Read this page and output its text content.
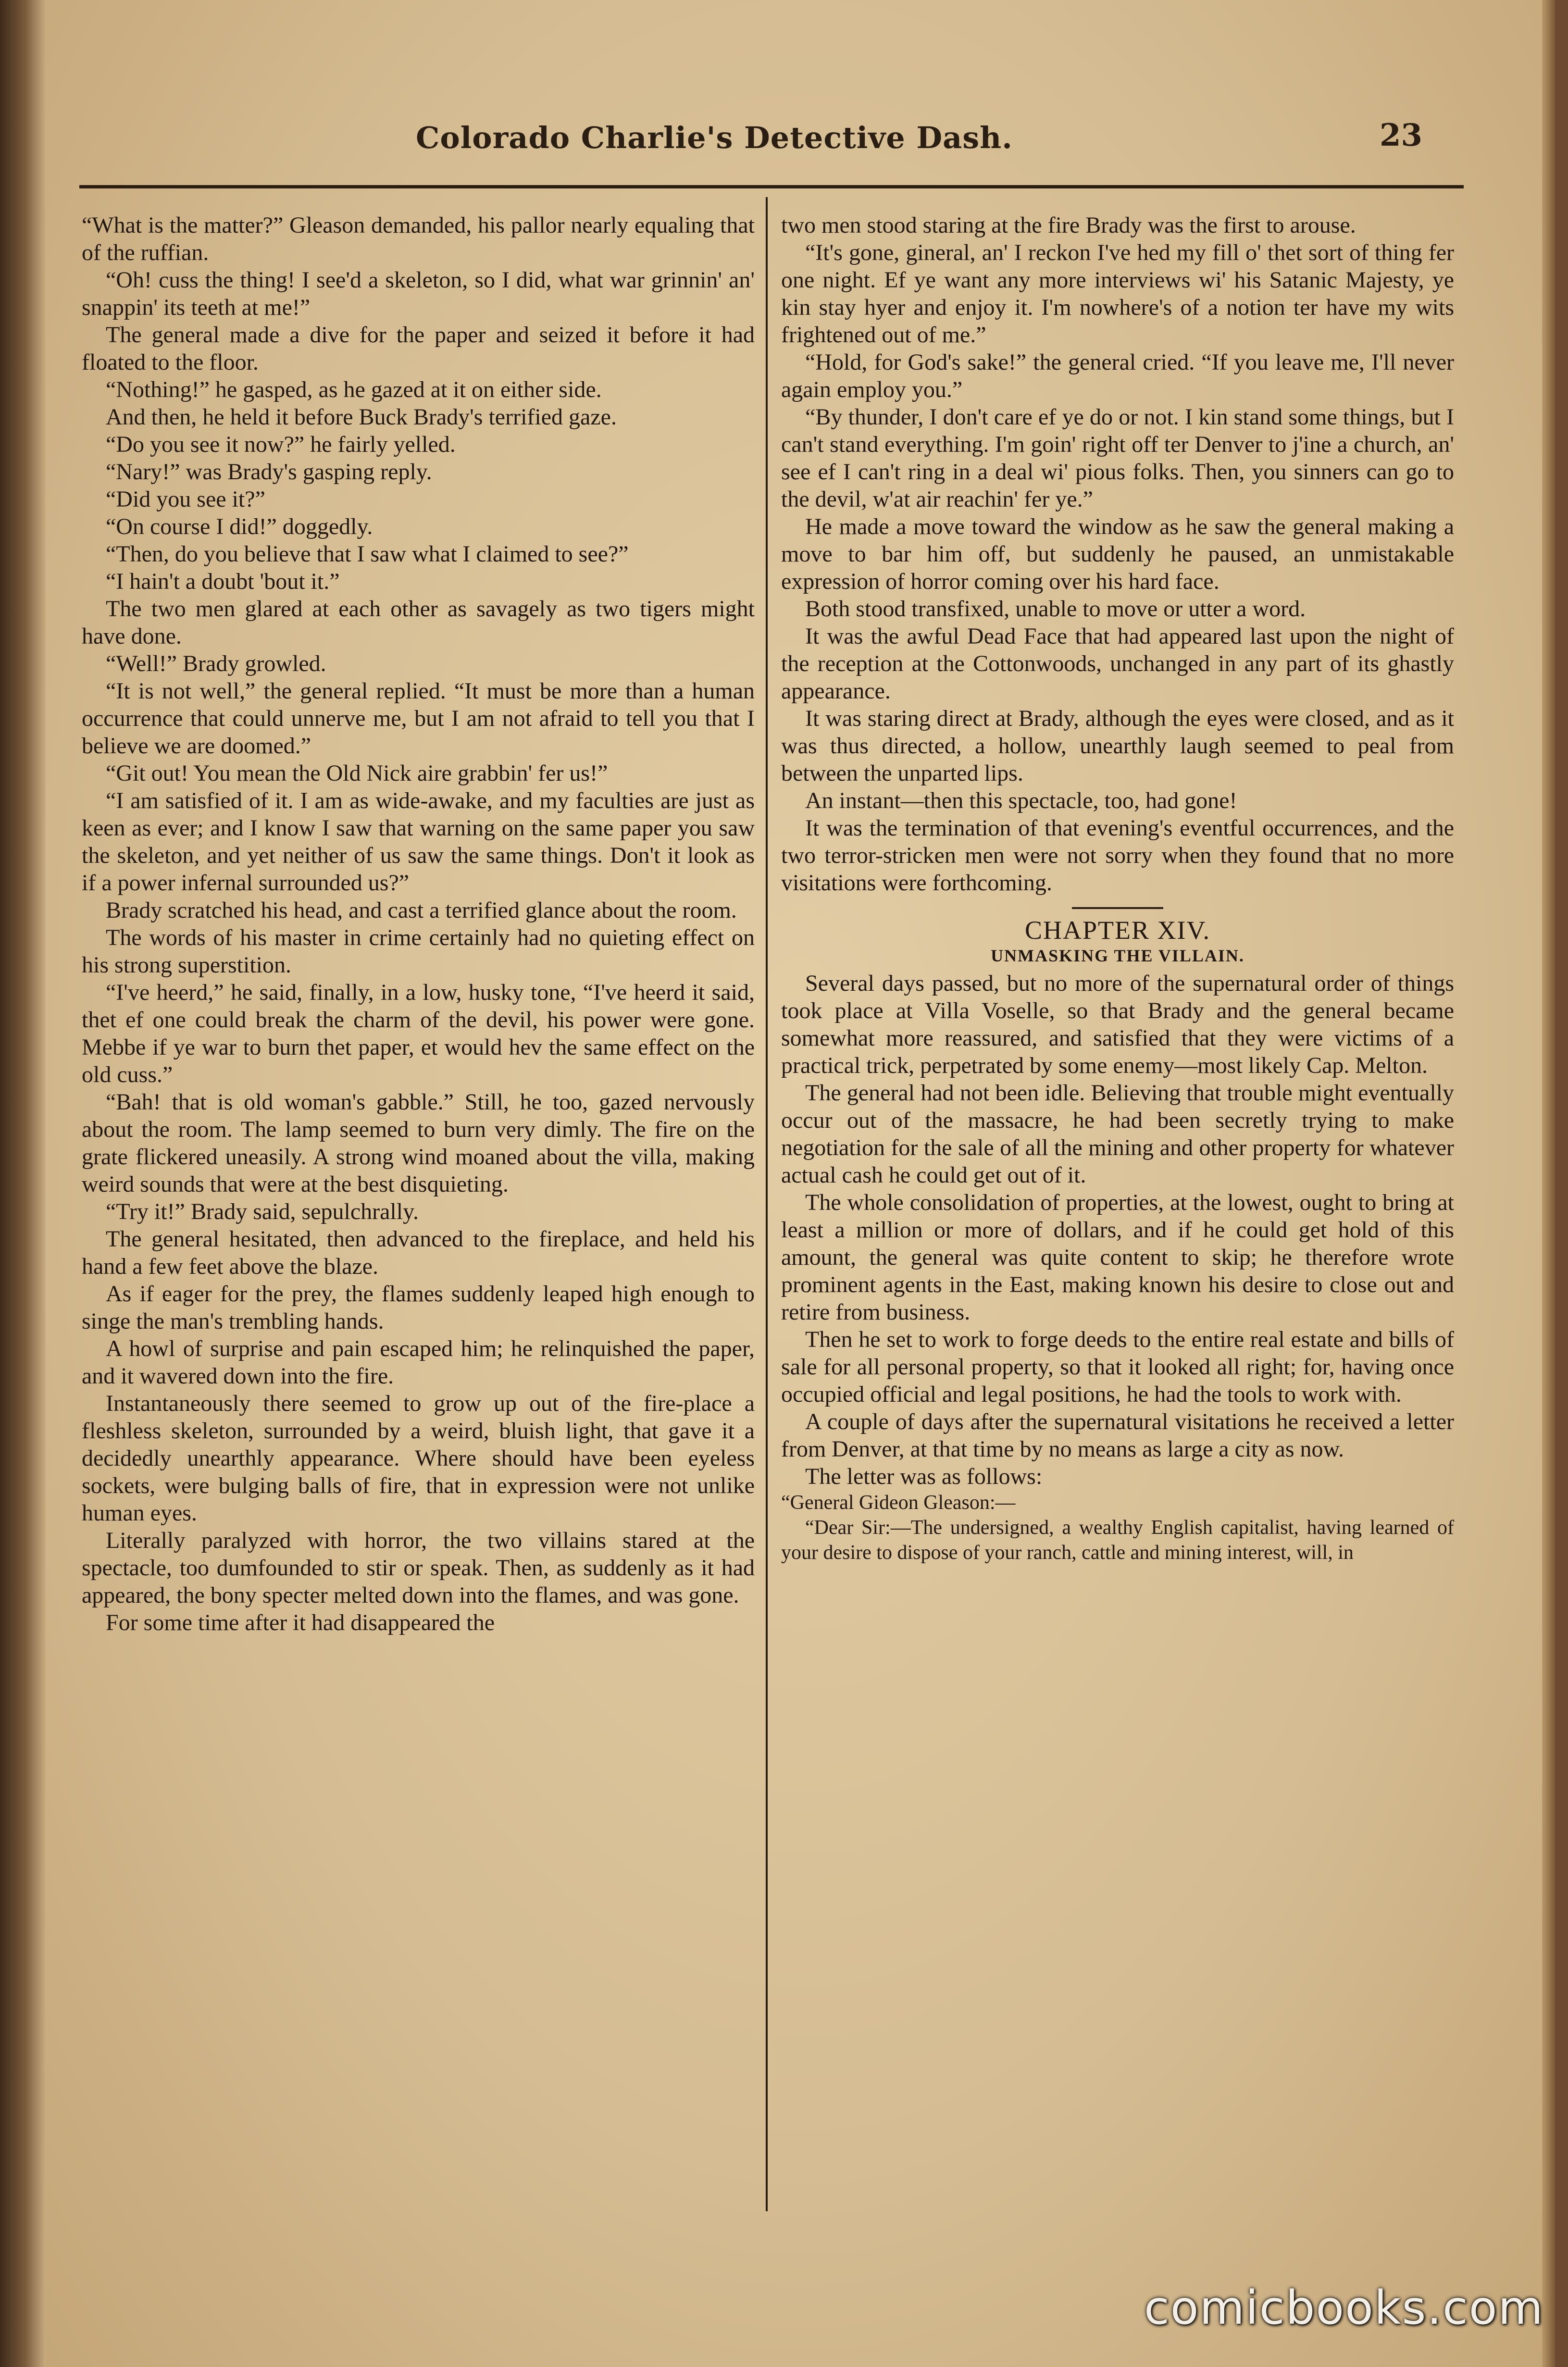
Colorado Charlie's Detective Dash.	23

“What is the matter?” Gleason demanded, his pallor nearly equaling that of the ruffian.

“Oh! cuss the thing! I see'd a skeleton, so I did, what war grinnin' an' snappin' its teeth at me!”

The general made a dive for the paper and seized it before it had floated to the floor.

“Nothing!” he gasped, as he gazed at it on either side.

And then, he held it before Buck Brady's terrified gaze.

“Do you see it now?” he fairly yelled.

“Nary!” was Brady's gasping reply.

“Did you see it?”

“On course I did!” doggedly.

“Then, do you believe that I saw what I claimed to see?”

“I hain't a doubt 'bout it.”

The two men glared at each other as savagely as two tigers might have done.

“Well!” Brady growled.

“It is not well,” the general replied. “It must be more than a human occurrence that could unnerve me, but I am not afraid to tell you that I believe we are doomed.”

“Git out! You mean the Old Nick aire grabbin' fer us!”

“I am satisfied of it. I am as wide-awake, and my faculties are just as keen as ever; and I know I saw that warning on the same paper you saw the skeleton, and yet neither of us saw the same things. Don't it look as if a power infernal surrounded us?”

Brady scratched his head, and cast a terrified glance about the room.

The words of his master in crime certainly had no quieting effect on his strong superstition.

“I've heerd,” he said, finally, in a low, husky tone, “I've heerd it said, thet ef one could break the charm of the devil, his power were gone. Mebbe if ye war to burn thet paper, et would hev the same effect on the old cuss.”

“Bah! that is old woman's gabble.” Still, he too, gazed nervously about the room. The lamp seemed to burn very dimly. The fire on the grate flickered uneasily. A strong wind moaned about the villa, making weird sounds that were at the best disquieting.

“Try it!” Brady said, sepulchrally.

The general hesitated, then advanced to the fireplace, and held his hand a few feet above the blaze.

As if eager for the prey, the flames suddenly leaped high enough to singe the man's trembling hands.

A howl of surprise and pain escaped him; he relinquished the paper, and it wavered down into the fire.

Instantaneously there seemed to grow up out of the fire-place a fleshless skeleton, surrounded by a weird, bluish light, that gave it a decidedly unearthly appearance. Where should have been eyeless sockets, were bulging balls of fire, that in expression were not unlike human eyes.

Literally paralyzed with horror, the two villains stared at the spectacle, too dumfounded to stir or speak. Then, as suddenly as it had appeared, the bony specter melted down into the flames, and was gone.

For some time after it had disappeared the

two men stood staring at the fire Brady was the first to arouse.

“It's gone, gineral, an' I reckon I've hed my fill o' thet sort of thing fer one night. Ef ye want any more interviews wi' his Satanic Majesty, ye kin stay hyer and enjoy it. I'm nowhere's of a notion ter have my wits frightened out of me.”

“Hold, for God's sake!” the general cried. “If you leave me, I'll never again employ you.”

“By thunder, I don't care ef ye do or not. I kin stand some things, but I can't stand everything. I'm goin' right off ter Denver to j'ine a church, an' see ef I can't ring in a deal wi' pious folks. Then, you sinners can go to the devil, w'at air reachin' fer ye.”

He made a move toward the window as he saw the general making a move to bar him off, but suddenly he paused, an unmistakable expression of horror coming over his hard face.

Both stood transfixed, unable to move or utter a word.

It was the awful Dead Face that had appeared last upon the night of the reception at the Cottonwoods, unchanged in any part of its ghastly appearance.

It was staring direct at Brady, although the eyes were closed, and as it was thus directed, a hollow, unearthly laugh seemed to peal from between the unparted lips.

An instant—then this spectacle, too, had gone!

It was the termination of that evening's eventful occurrences, and the two terror-stricken men were not sorry when they found that no more visitations were forthcoming.

CHAPTER XIV.

UNMASKING THE VILLAIN.

Several days passed, but no more of the supernatural order of things took place at Villa Voselle, so that Brady and the general became somewhat more reassured, and satisfied that they were victims of a practical trick, perpetrated by some enemy—most likely Cap. Melton.

The general had not been idle. Believing that trouble might eventually occur out of the massacre, he had been secretly trying to make negotiation for the sale of all the mining and other property for whatever actual cash he could get out of it.

The whole consolidation of properties, at the lowest, ought to bring at least a million or more of dollars, and if he could get hold of this amount, the general was quite content to skip; he therefore wrote prominent agents in the East, making known his desire to close out and retire from business.

Then he set to work to forge deeds to the entire real estate and bills of sale for all personal property, so that it looked all right; for, having once occupied official and legal positions, he had the tools to work with.

A couple of days after the supernatural visitations he received a letter from Denver, at that time by no means as large a city as now.

The letter was as follows:

“General Gideon Gleason:—

“Dear Sir:—The undersigned, a wealthy English capitalist, having learned of your desire to dispose of your ranch, cattle and mining interest, will, in

comicbooks.com
